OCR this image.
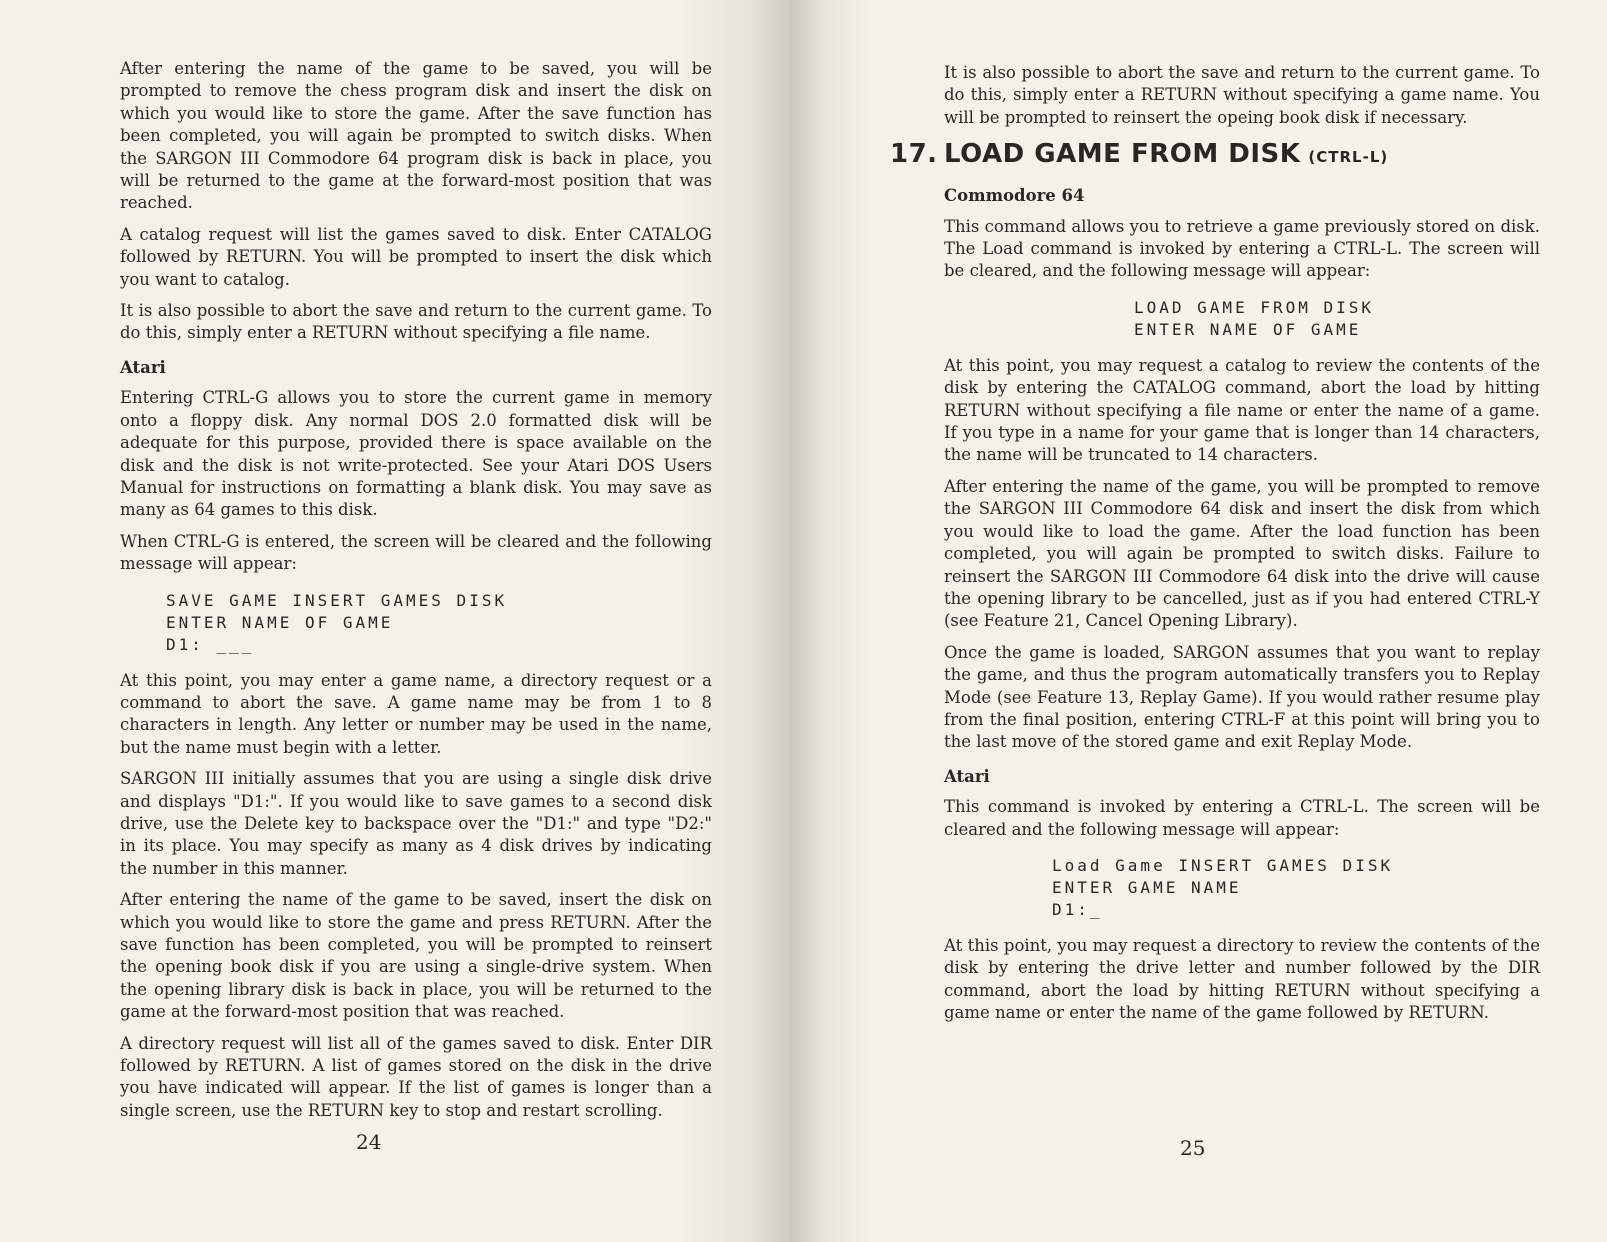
After entering the name of the game to be saved, you will be prompted to remove the chess program disk and insert the disk on which you would like to store the game. After the save function has been completed, you will again be prompted to switch disks. When the SARGON III Commodore 64 program disk is back in place, you will be returned to the game at the forward-most position that was reached.

A catalog request will list the games saved to disk. Enter CATALOG followed by RETURN. You will be prompted to insert the disk which you want to catalog.

It is also possible to abort the save and return to the current game. To do this, simply enter a RETURN without specifying a file name.

Atari

Entering CTRL-G allows you to store the current game in memory onto a floppy disk. Any normal DOS 2.0 formatted disk will be adequate for this purpose, provided there is space available on the disk and the disk is not write-protected. See your Atari DOS Users Manual for instructions on formatting a blank disk. You may save as many as 64 games to this disk.

When CTRL-G is entered, the screen will be cleared and the following message will appear:

SAVE GAME INSERT GAMES DISK
ENTER NAME OF GAME
D1: ___

At this point, you may enter a game name, a directory request or a command to abort the save. A game name may be from 1 to 8 characters in length. Any letter or number may be used in the name, but the name must begin with a letter.

SARGON III initially assumes that you are using a single disk drive and displays "D1:". If you would like to save games to a second disk drive, use the Delete key to backspace over the "D1:" and type "D2:" in its place. You may specify as many as 4 disk drives by indicating the number in this manner.

After entering the name of the game to be saved, insert the disk on which you would like to store the game and press RETURN. After the save function has been completed, you will be prompted to reinsert the opening book disk if you are using a single-drive system. When the opening library disk is back in place, you will be returned to the game at the forward-most position that was reached.

A directory request will list all of the games saved to disk. Enter DIR followed by RETURN. A list of games stored on the disk in the drive you have indicated will appear. If the list of games is longer than a single screen, use the RETURN key to stop and restart scrolling.

24

It is also possible to abort the save and return to the current game. To do this, simply enter a RETURN without specifying a game name. You will be prompted to reinsert the opeing book disk if necessary.

17. LOAD GAME FROM DISK (CTRL-L)
Commodore 64

This command allows you to retrieve a game previously stored on disk. The Load command is invoked by entering a CTRL-L. The screen will be cleared, and the following message will appear:

LOAD GAME FROM DISK
ENTER NAME OF GAME

At this point, you may request a catalog to review the contents of the disk by entering the CATALOG command, abort the load by hitting RETURN without specifying a file name or enter the name of a game. If you type in a name for your game that is longer than 14 characters, the name will be truncated to 14 characters.

After entering the name of the game, you will be prompted to remove the SARGON III Commodore 64 disk and insert the disk from which you would like to load the game. After the load function has been completed, you will again be prompted to switch disks. Failure to reinsert the SARGON III Commodore 64 disk into the drive will cause the opening library to be cancelled, just as if you had entered CTRL-Y (see Feature 21, Cancel Opening Library).

Once the game is loaded, SARGON assumes that you want to replay the game, and thus the program automatically transfers you to Replay Mode (see Feature 13, Replay Game). If you would rather resume play from the final position, entering CTRL-F at this point will bring you to the last move of the stored game and exit Replay Mode.

Atari

This command is invoked by entering a CTRL-L. The screen will be cleared and the following message will appear:

Load Game INSERT GAMES DISK
ENTER GAME NAME
D1:_

At this point, you may request a directory to review the contents of the disk by entering the drive letter and number followed by the DIR command, abort the load by hitting RETURN without specifying a game name or enter the name of the game followed by RETURN.

25
